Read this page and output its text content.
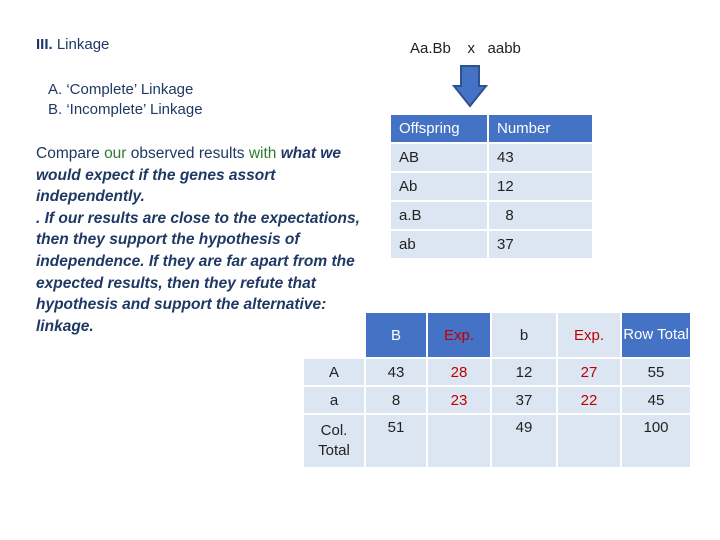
III. Linkage	Aa.Bb    x   aabb
A. ‘Complete’ Linkage
B. ‘Incomplete’ Linkage
Compare our observed results with what we would expect if the genes assort independently.
. If our results are close to the expectations, then they support the hypothesis of independence. If they are far apart from the expected results, then they refute that hypothesis and support the alternative: linkage.
Offspring		Number
AB		43
Ab		12
a.B		8
ab		37
	B	Exp.	b	Exp.	Row Total
A	43	28	12	27	55
a	8	23	37	22	45
Col. Total	51		49		100
